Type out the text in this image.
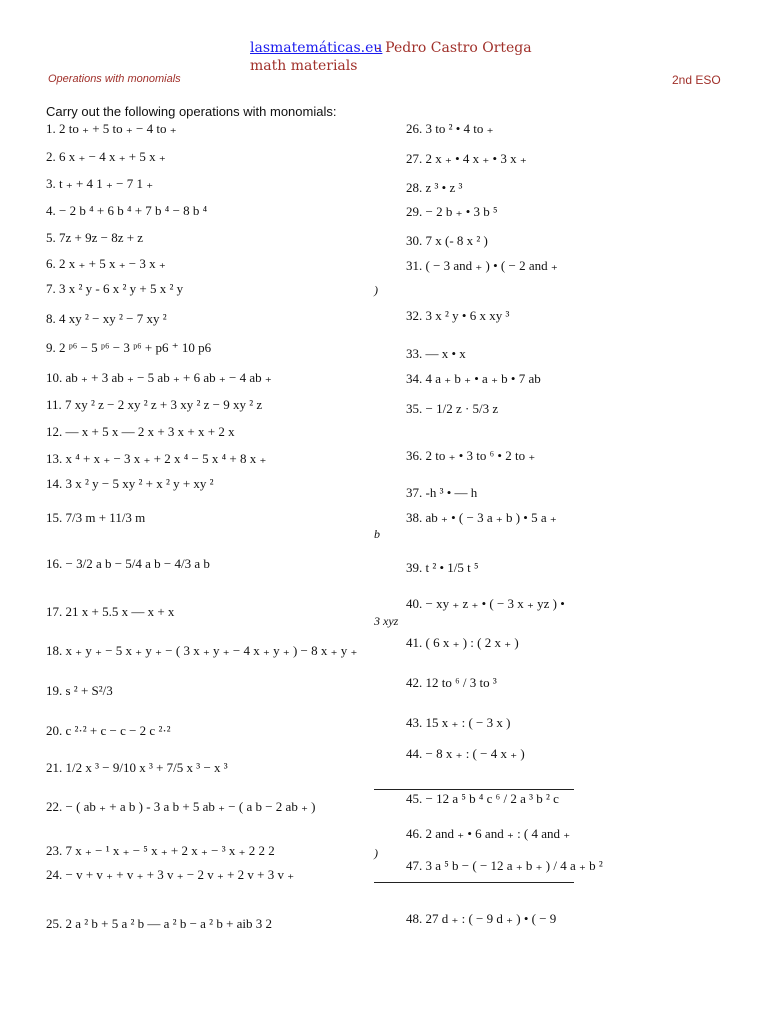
lasmatemáticas.eu
- Pedro Castro Ortega
math materials
Operations with monomials	2nd ESO
Carry out the following operations with monomials:
1. 2 to ₊ + 5 to ₊ − 4 to ₊
2. 6 x ₊ − 4 x ₊ + 5 x ₊
3. t ₊ + 4 1 ₊ − 7 1 ₊
4. − 2 b ⁴ + 6 b ⁴ + 7 b ⁴ − 8 b ⁴
5. 7z + 9z − 8z + z
6. 2 x ₊ + 5 x ₊ − 3 x ₊
7. 3 x ² y - 6 x ² y + 5 x ² y
8. 4 xy ² − xy ² − 7 xy ²
9. 2 ᵖ⁶ − 5 ᵖ⁶ − 3 ᵖ⁶ + p6 ⁺ 10 p6
10. ab ₊ + 3 ab ₊ − 5 ab ₊ + 6 ab ₊ − 4 ab ₊
11. 7 xy ² z − 2 xy ² z + 3 xy ² z − 9 xy ² z
12. — x + 5 x — 2 x + 3 x + x + 2 x
13. x ⁴ + x ₊ − 3 x ₊ + 2 x ⁴ − 5 x ⁴ + 8 x ₊
14. 3 x ² y − 5 xy ² + x ² y + xy ²
15. 7/3 m + 11/3 m
16. − 3/2 a b − 5/4 a b − 4/3 a b
17. 21 x + 5.5 x — x + x
18. x ₊ y ₊ − 5 x ₊ y ₊ − ( 3 x ₊ y ₊ − 4 x ₊ y ₊ ) − 8 x ₊ y ₊
19. s ² + S²/3
20. c ²·² + c − c − 2 c ²·²
21. 1/2 x ³ − 9/10 x ³ + 7/5 x ³ − x ³
22. − ( ab ₊ + a b ) - 3 a b + 5 ab ₊ − ( a b − 2 ab ₊ )
23. 7 x ₊ − ¹ x ₊ − ⁵ x ₊ + 2 x ₊ − ³ x ₊ 2 2 2
24. − v + v ₊ + v ₊ + 3 v ₊ − 2 v ₊ + 2 v + 3 v ₊
25. 2 a ² b + 5 a ² b — a ² b − a ² b + aib 3 2
26. 3 to ² • 4 to ₊
27. 2 x ₊ • 4 x ₊ • 3 x ₊
28. z ³ • z ³
29. − 2 b ₊ • 3 b ⁵
30. 7 x (- 8 x ² )
31. ( − 3 and ₊ ) • ( − 2 and ₊
32. 3 x ² y • 6 x xy ³
33. — x • x
34. 4 a ₊ b ₊ • a ₊ b • 7 ab
35. − 1/2 z · 5/3 z
36. 2 to ₊ • 3 to ⁶ • 2 to ₊
37. -h ³ • — h
38. ab ₊ • ( − 3 a ₊ b ) • 5 a ₊
39. t ² • 1/5 t ⁵
40. − xy ₊ z ₊ • ( − 3 x ₊ yz ) •
41. ( 6 x ₊ ) : ( 2 x ₊ )
42. 12 to ⁶ / 3 to ³
43. 15 x ₊ : ( − 3 x )
44. − 8 x ₊ : ( − 4 x ₊ )
45. − 12 a ⁵ b ⁴ c ⁶ / 2 a ³ b ² c
46. 2 and ₊ • 6 and ₊ : ( 4 and ₊
47. 3 a ⁵ b − ( − 12 a ₊ b ₊ ) / 4 a ₊ b ²
48. 27 d ₊ : ( − 9 d ₊ ) • ( − 9
)
b
3 xyz
)
